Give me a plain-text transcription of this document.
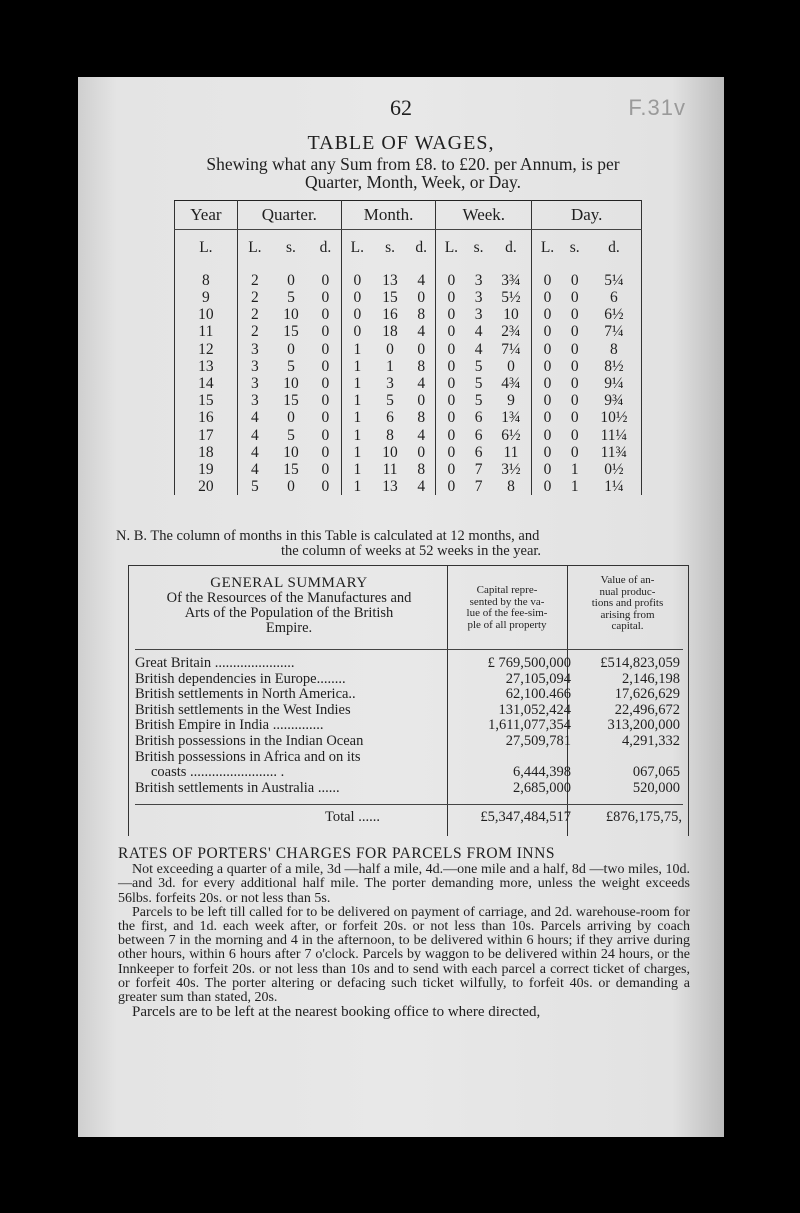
62	F.31v
TABLE OF WAGES,
Shewing what any Sum from £8. to £20. per Annum, is per
Quarter, Month, Week, or Day.
Year	Quarter.			Month.			Week.			Day.		
L.	L.	s.	d.	L.	s.	d.	L.	s.	d.	L.	s.	d.
8	2	0	0	0	13	4	0	3	3¾	0	0	5¼
9	2	5	0	0	15	0	0	3	5½	0	0	6
10	2	10	0	0	16	8	0	3	10	0	0	6½
11	2	15	0	0	18	4	0	4	2¾	0	0	7¼
12	3	0	0	1	0	0	0	4	7¼	0	0	8
13	3	5	0	1	1	8	0	5	0	0	0	8½
14	3	10	0	1	3	4	0	5	4¾	0	0	9¼
15	3	15	0	1	5	0	0	5	9	0	0	9¾
16	4	0	0	1	6	8	0	6	1¾	0	0	10½
17	4	5	0	1	8	4	0	6	6½	0	0	11¼
18	4	10	0	1	10	0	0	6	11	0	0	11¾
19	4	15	0	1	11	8	0	7	3½	0	1	0½
20	5	0	0	1	13	4	0	7	8	0	1	1¼
N. B. The column of months in this Table is calculated at 12 months, and
the column of weeks at 52 weeks in the year.
GENERAL SUMMARY
Of the Resources of the Manufactures and
Arts of the Population of the British
Empire.
Capital repre-
sented by the va-
lue of the fee-sim-
ple of all property
Value of an-
nual produc-
tions and profits
arising from
capital.
Great Britain ......................	£ 769,500,000	£514,823,059
British dependencies in Europe........	27,105,094	2,146,198
British settlements in North America..	62,100.466	17,626,629
British settlements in the West Indies	131,052,424	22,496,672
British Empire in India ..............	1,611,077,354	313,200,000
British possessions in the Indian Ocean	27,509,781	4,291,332
British possessions in Africa and on its
coasts ........................ .	6,444,398	067,065
British settlements in Australia ......	2,685,000	520,000
Total ......	£5,347,484,517	£876,175,75,
RATES OF PORTERS' CHARGES FOR PARCELS FROM INNS

Not exceeding a quarter of a mile, 3d —half a mile, 4d.—one mile and a half, 8d —two miles, 10d.—and 3d. for every additional half mile. The porter demanding more, unless the weight exceeds 56lbs. forfeits 20s. or not less than 5s.

Parcels to be left till called for to be delivered on payment of carriage, and 2d. warehouse-room for the first, and 1d. each week after, or forfeit 20s. or not less than 10s. Parcels arriving by coach between 7 in the morning and 4 in the afternoon, to be delivered within 6 hours; if they arrive during other hours, within 6 hours after 7 o'clock. Parcels by waggon to be delivered within 24 hours, or the Innkeeper to forfeit 20s. or not less than 10s and to send with each parcel a correct ticket of charges, or forfeit 40s. The porter altering or defacing such ticket wilfully, to forfeit 40s. or demanding a greater sum than stated, 20s.

Parcels are to be left at the nearest booking office to where directed,
